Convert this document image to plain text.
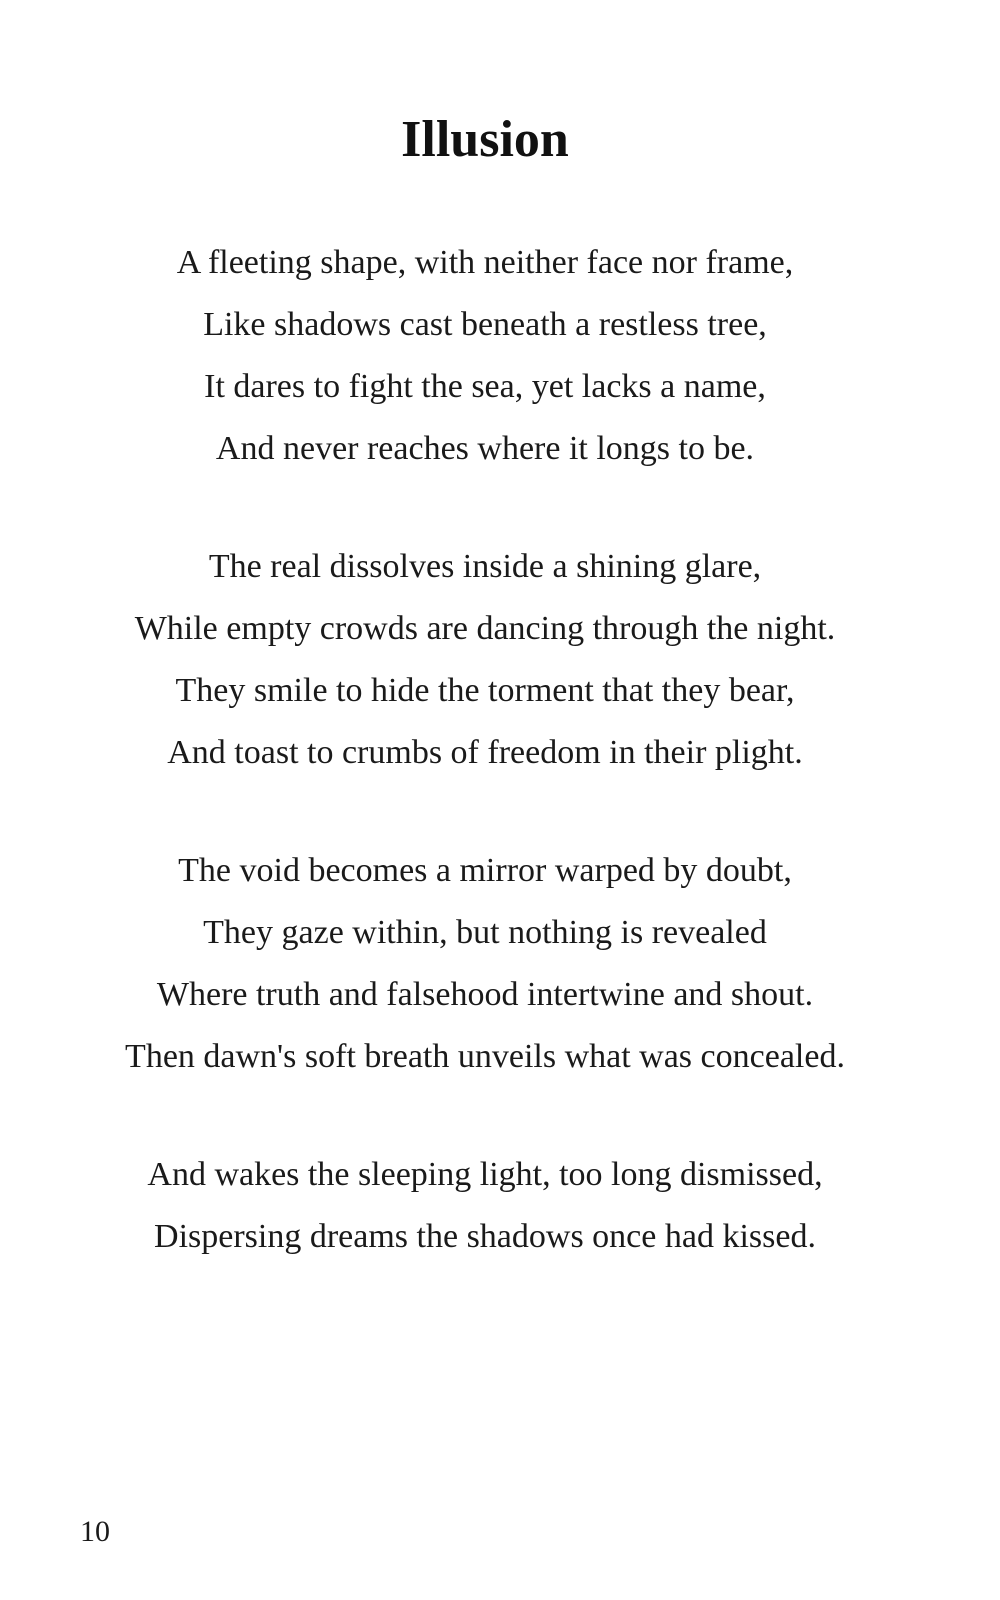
Illusion
A fleeting shape, with neither face nor frame,
Like shadows cast beneath a restless tree,
It dares to fight the sea, yet lacks a name,
And never reaches where it longs to be.
The real dissolves inside a shining glare,
While empty crowds are dancing through the night.
They smile to hide the torment that they bear,
And toast to crumbs of freedom in their plight.
The void becomes a mirror warped by doubt,
They gaze within, but nothing is revealed
Where truth and falsehood intertwine and shout.
Then dawn's soft breath unveils what was concealed.
And wakes the sleeping light, too long dismissed,
Dispersing dreams the shadows once had kissed.
10
